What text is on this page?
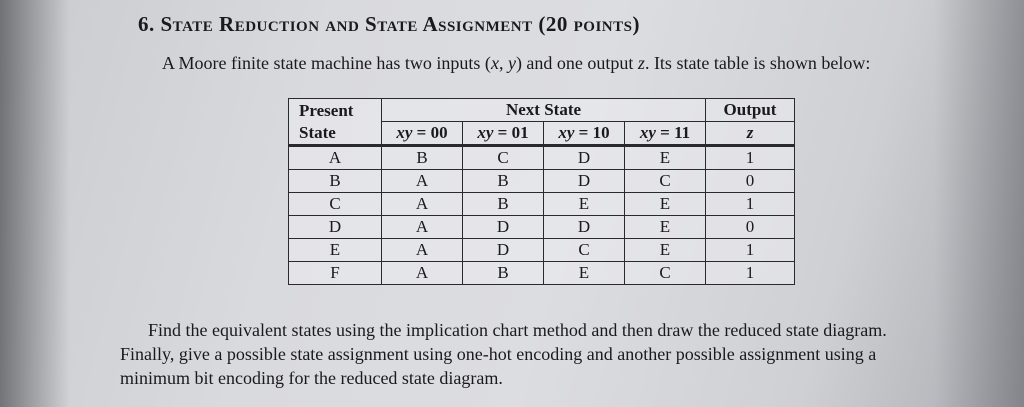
6. State Reduction and State Assignment (20 points)
A Moore finite state machine has two inputs (x, y) and one output z. Its state table is shown below:
Present
State	Next State				Output
	xy = 00	xy = 01	xy = 10	xy = 11	z
A	B	C	D	E	1
B	A	B	D	C	0
C	A	B	E	E	1
D	A	D	D	E	0
E	A	D	C	E	1
F	A	B	E	C	1
Find the equivalent states using the implication chart method and then draw the reduced state diagram. Finally, give a possible state assignment using one-hot encoding and another possible assignment using a minimum bit encoding for the reduced state diagram.
